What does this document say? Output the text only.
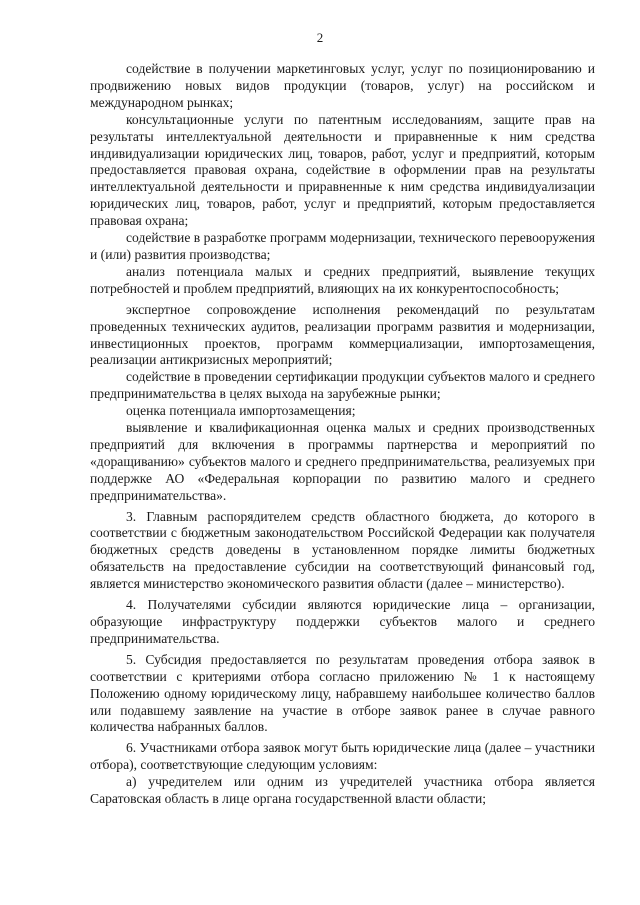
2

содействие в получении маркетинговых услуг, услуг по позиционированию и продвижению новых видов продукции (товаров, услуг) на российском и международном рынках;

консультационные услуги по патентным исследованиям, защите прав на результаты интеллектуальной деятельности и приравненные к ним средства индивидуализации юридических лиц, товаров, работ, услуг и предприятий, которым предоставляется правовая охрана, содействие в оформлении прав на результаты интеллектуальной деятельности и приравненные к ним средства индивидуализации юридических лиц, товаров, работ, услуг и предприятий, которым предоставляется правовая охрана;

содействие в разработке программ модернизации, технического перевооружения и (или) развития производства;

анализ потенциала малых и средних предприятий, выявление текущих потребностей и проблем предприятий, влияющих на их конкурентоспособность;

экспертное сопровождение исполнения рекомендаций по результатам проведенных технических аудитов, реализации программ развития и модернизации, инвестиционных проектов, программ коммерциализации, импортозамещения, реализации антикризисных мероприятий;

содействие в проведении сертификации продукции субъектов малого и среднего предпринимательства в целях выхода на зарубежные рынки;

оценка потенциала импортозамещения;

выявление и квалификационная оценка малых и средних производственных предприятий для включения в программы партнерства и мероприятий по «доращиванию» субъектов малого и среднего предпринимательства, реализуемых при поддержке АО «Федеральная корпорации по развитию малого и среднего предпринимательства».

3. Главным распорядителем средств областного бюджета, до которого в соответствии с бюджетным законодательством Российской Федерации как получателя бюджетных средств доведены в установленном порядке лимиты бюджетных обязательств на предоставление субсидии на соответствующий финансовый год, является министерство экономического развития области (далее – министерство).

4. Получателями субсидии являются юридические лица – организации, образующие инфраструктуру поддержки субъектов малого и среднего предпринимательства.

5. Субсидия предоставляется по результатам проведения отбора заявок в соответствии с критериями отбора согласно приложению № 1 к настоящему Положению одному юридическому лицу, набравшему наибольшее количество баллов или подавшему заявление на участие в отборе заявок ранее в случае равного количества набранных баллов.

6. Участниками отбора заявок могут быть юридические лица (далее – участники отбора), соответствующие следующим условиям:

а) учредителем или одним из учредителей участника отбора является Саратовская область в лице органа государственной власти области;
